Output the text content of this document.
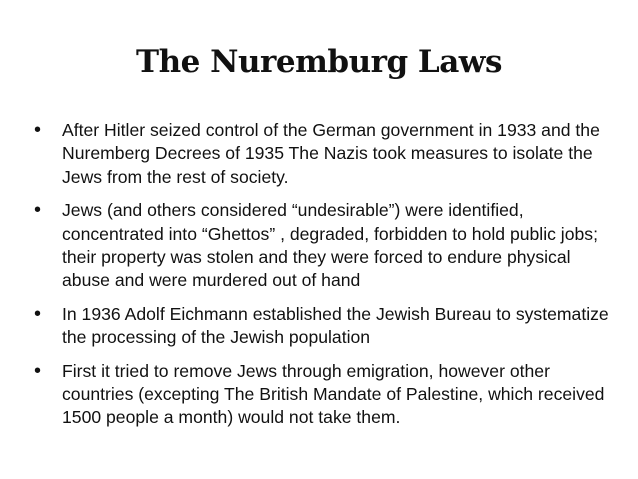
The Nuremburg Laws
• After Hitler seized control of the German government in 1933 and the Nuremberg Decrees of 1935 The Nazis took measures to isolate the Jews from the rest of society.
• Jews (and others considered “undesirable”) were identified, concentrated into “Ghettos” , degraded, forbidden to hold public jobs; their property was stolen and they were forced to endure physical abuse and were murdered out of hand
• In 1936 Adolf Eichmann established the Jewish Bureau to systematize the processing of the Jewish population
• First it tried to remove Jews through emigration, however other countries (excepting The British Mandate of Palestine, which received 1500 people a month) would not take them.
